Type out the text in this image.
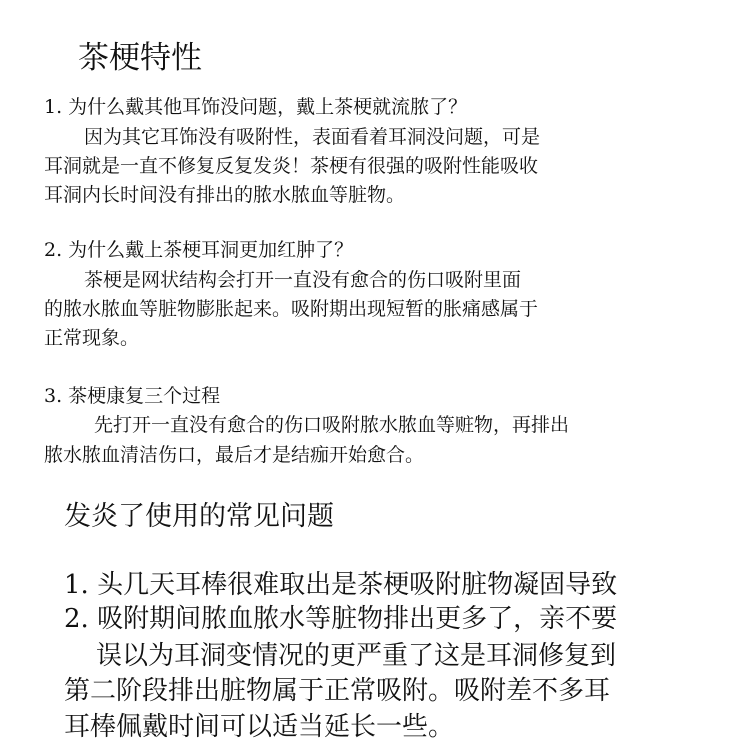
茶梗特性
1. 为什么戴其他耳饰没问题，戴上茶梗就流脓了？
因为其它耳饰没有吸附性，表面看着耳洞没问题，可是
耳洞就是一直不修复反复发炎！茶梗有很强的吸附性能吸收
耳洞内长时间没有排出的脓水脓血等脏物。
2. 为什么戴上茶梗耳洞更加红肿了？
茶梗是网状结构会打开一直没有愈合的伤口吸附里面
的脓水脓血等脏物膨胀起来。吸附期出现短暂的胀痛感属于
正常现象。
3. 茶梗康复三个过程
先打开一直没有愈合的伤口吸附脓水脓血等赃物，再排出
脓水脓血清洁伤口，最后才是结痂开始愈合。
发炎了使用的常见问题
1. 头几天耳棒很难取出是茶梗吸附脏物凝固导致
2. 吸附期间脓血脓水等脏物排出更多了，亲不要
误以为耳洞变情况的更严重了这是耳洞修复到
第二阶段排出脏物属于正常吸附。吸附差不多耳
耳棒佩戴时间可以适当延长一些。
